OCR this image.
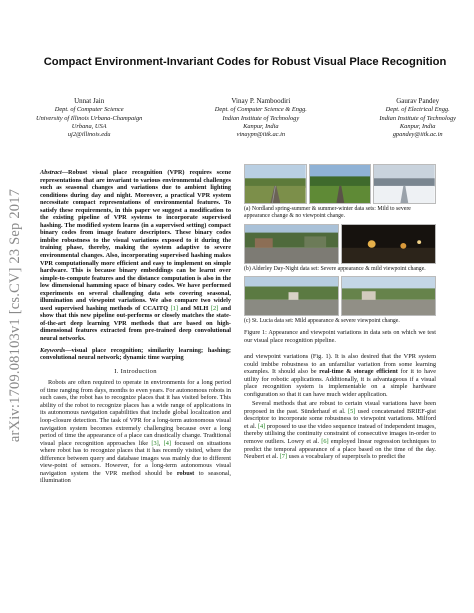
arXiv:1709.08103v1 [cs.CV] 23 Sep 2017
Compact Environment-Invariant Codes for Robust Visual Place Recognition
Unnat Jain
Dept. of Computer Science
University of Illinois Urbana-Champaign
Urbana, USA
uj2@illinois.edu
Vinay P. Namboodiri
Dept. of Computer Science & Engg.
Indian Institute of Technology
Kanpur, India
vinaypn@iitk.ac.in
Gaurav Pandey
Dept. of Electrical Engg.
Indian Institute of Technology
Kanpur, India
gpandey@iitk.ac.in

Abstract—Robust visual place recognition (VPR) requires scene representations that are invariant to various environmental challenges such as seasonal changes and variations due to ambient lighting conditions during day and night. Moreover, a practical VPR system necessitate compact representations of environmental features. To satisfy these requirements, in this paper we suggest a modification to the existing pipeline of VPR systems to incorporate supervised hashing. The modified system learns (in a supervised setting) compact binary codes from image feature descriptors. These binary codes imbibe robustness to the visual variations exposed to it during the training phase, thereby, making the system adaptive to severe environmental changes. Also, incorporating supervised hashing makes VPR computationally more efficient and easy to implement on simple hardware. This is because binary embeddings can be learnt over simple-to-compute features and the distance computation is also in the low dimensional hamming space of binary codes. We have performed experiments on several challenging data sets covering seasonal, illumination and viewpoint variations. We also compare two widely used supervised hashing methods of CCAITQ [1] and MLH [2] and show that this new pipeline out-performs or closely matches the state-of-the-art deep learning VPR methods that are based on high-dimensional features extracted from pre-trained deep convolutional neural networks.

Keywords—visual place recognition; similarity learning; hashing; convolutional neural network; dynamic time warping

I. Introduction

Robots are often required to operate in environments for a long period of time ranging from days, months to even years. For autonomous robots in such cases, the robot has to recognize places that it has visited before. This ability of the robot to recognize places has a wide range of applications in its autonomous navigation capabilities that include global localization and loop-closure detection. The task of VPR for a long-term autonomous visual navigation system becomes extremely challenging because over a long period of time the appearance of a place can drastically change. Traditional visual place recognition approaches like [3], [4] focused on situations where robot has to recognize places that it has recently visited, where the difference between query and database images was mainly due to different view-point of sensors. However, for a long-term autonomous visual navigation system the VPR method should be robust to seasonal, illumination

(a) Nordland spring-summer & summer-winter data sets: Mild to severe appearance change & no viewpoint change.

(b) Alderley Day-Night data set: Severe appearance & mild viewpoint change.

(c) St. Lucia data set: Mild appearance & severe viewpoint change.

Figure 1: Appearance and viewpoint variations in data sets on which we test our visual place recognition pipeline.

and viewpoint variations (Fig. 1). It is also desired that the VPR system could imbibe robustness to an unfamiliar variation from some learning examples. It should also be real-time & storage efficient for it to have utility for robotic applications. Additionally, it is advantageous if a visual place recognition system is implementable on a simple hardware configuration so that it can have much wider application.

Several methods that are robust to certain visual variations have been proposed in the past. Sünderhauf et al. [5] used concatenated BRIEF-gist descriptor to incorporate some robustness to viewpoint variations. Milford et al. [4] proposed to use the video sequence instead of independent images, thereby utilising the continuity constraint of consecutive images in-order to remove outliers. Lowry et al. [6] employed linear regression techniques to predict the temporal appearance of a place based on the time of the day. Neubert et al. [7] uses a vocabulary of superpixels to predict the
